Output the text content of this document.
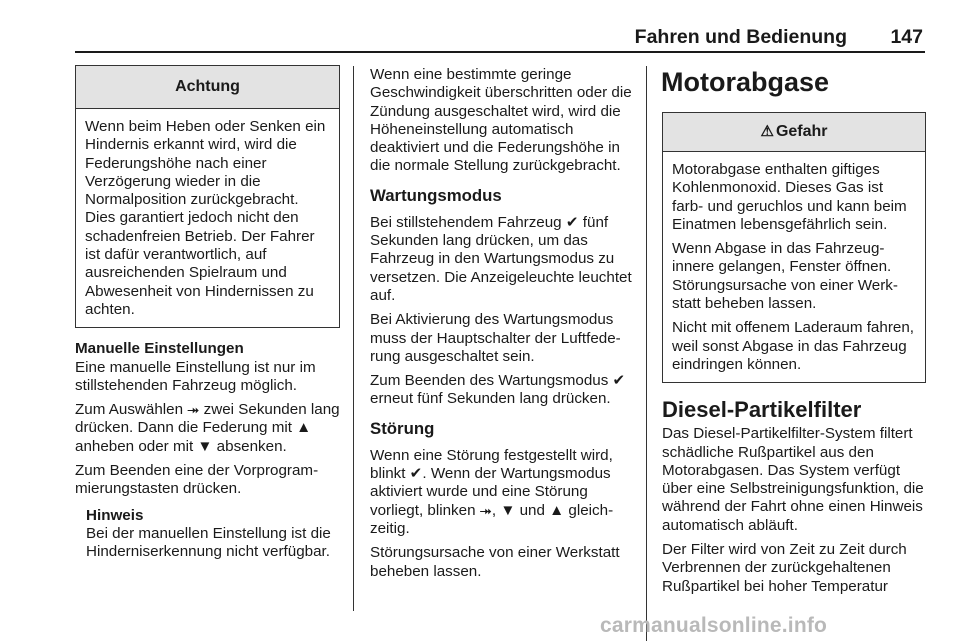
Fahren und Bedienung 147
Achtung

Wenn beim Heben oder Senken ein Hindernis erkannt wird, wird die Federungshöhe nach einer Verzögerung wieder in die Normalposition zurückgebracht. Dies garantiert jedoch nicht den schadenfreien Betrieb. Der Fahrer ist dafür verantwortlich, auf ausreichenden Spielraum und Abwesenheit von Hindernissen zu achten.

Manuelle Einstellungen

Eine manuelle Einstellung ist nur im stillstehenden Fahrzeug möglich.

Zum Auswählen ⯮ zwei Sekunden lang drücken. Dann die Federung mit ▲ anheben oder mit ▼ absenken.

Zum Beenden eine der Vorprogrammierungstasten drücken.

Hinweis
Bei der manuellen Einstellung ist die Hinderniserkennung nicht verfügbar.

Wenn eine bestimmte geringe Geschwindigkeit überschritten oder die Zündung ausgeschaltet wird, wird die Höheneinstellung automatisch deaktiviert und die Federungshöhe in die normale Stellung zurückgebracht.

Wartungsmodus

Bei stillstehendem Fahrzeug ✔ fünf Sekunden lang drücken, um das Fahrzeug in den Wartungsmodus zu versetzen. Die Anzeigeleuchte leuchtet auf.

Bei Aktivierung des Wartungsmodus muss der Hauptschalter der Luftfederung ausgeschaltet sein.

Zum Beenden des Wartungsmodus ✔ erneut fünf Sekunden lang drücken.

Störung

Wenn eine Störung festgestellt wird, blinkt ✔. Wenn der Wartungsmodus aktiviert wurde und eine Störung vorliegt, blinken ⯮, ▼ und ▲ gleichzeitig.

Störungsursache von einer Werkstatt beheben lassen.

Motorabgase
⚠ Gefahr

Motorabgase enthalten giftiges Kohlenmonoxid. Dieses Gas ist farb- und geruchlos und kann beim Einatmen lebensgefährlich sein.

Wenn Abgase in das Fahrzeuginnere gelangen, Fenster öffnen. Störungsursache von einer Werkstatt beheben lassen.

Nicht mit offenem Laderaum fahren, weil sonst Abgase in das Fahrzeug eindringen können.

Diesel-Partikelfilter

Das Diesel-Partikelfilter-System filtert schädliche Rußpartikel aus den Motorabgasen. Das System verfügt über eine Selbstreinigungsfunktion, die während der Fahrt ohne einen Hinweis automatisch abläuft.

Der Filter wird von Zeit zu Zeit durch Verbrennen der zurückgehaltenen Rußpartikel bei hoher Temperatur

carmanualsonline.info
